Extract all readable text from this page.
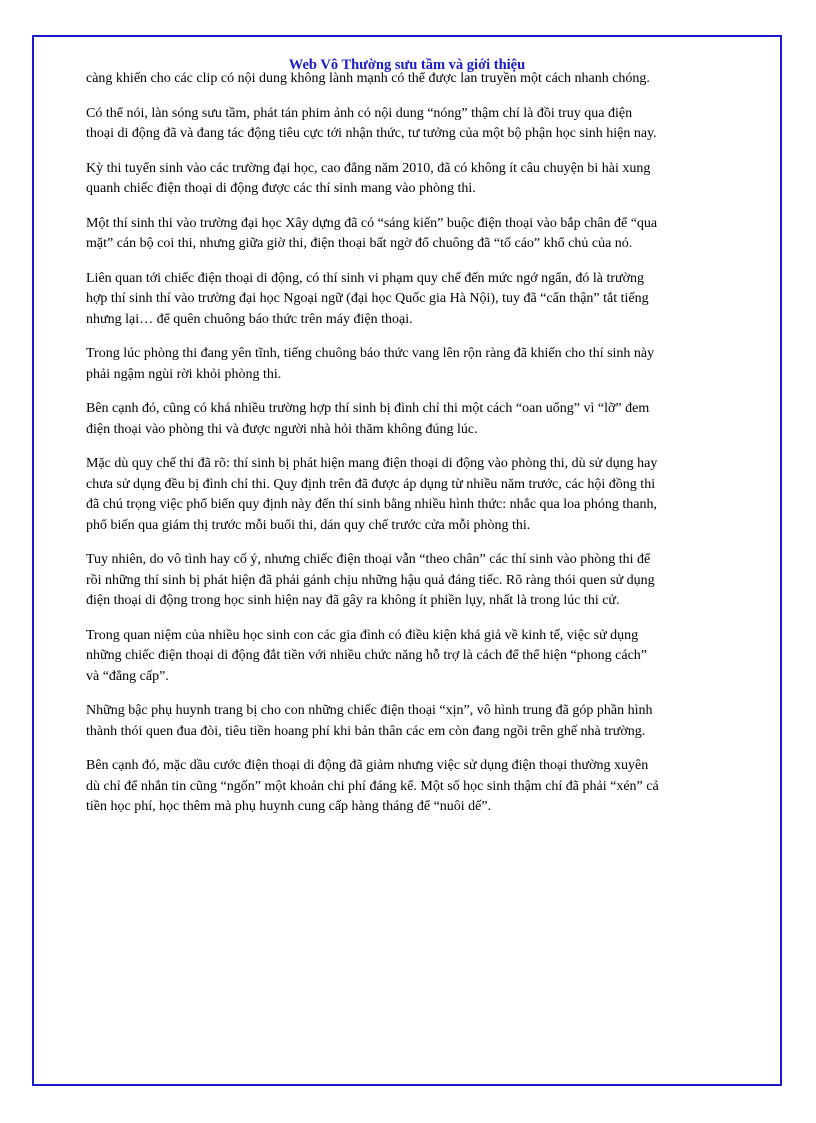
Web Vô Thường sưu tầm và giới thiệu

càng khiến cho các clip có nội dung không lành mạnh có thể được lan truyền một cách nhanh chóng.

Có thể nói, làn sóng sưu tầm, phát tán phim ảnh có nội dung “nóng” thậm chí là đồi truy qua điện thoại di động đã và đang tác động tiêu cực tới nhận thức, tư tưởng của một bộ phận học sinh hiện nay.

Kỳ thi tuyển sinh vào các trường đại học, cao đẳng năm 2010, đã có không ít câu chuyện bi hài xung quanh chiếc điện thoại di động được các thí sinh mang vào phòng thi.

Một thí sinh thi vào trường đại học Xây dựng đã có “sáng kiến” buộc điện thoại vào bắp chân để “qua mặt” cán bộ coi thi, nhưng giữa giờ thi, điện thoại bất ngờ đổ chuông đã “tố cáo” khổ chủ của nó.

Liên quan tới chiếc điện thoại di động, có thí sinh vi phạm quy chế đến mức ngớ ngẩn, đó là trường hợp thí sinh thí vào trường đại học Ngoại ngữ (đại học Quốc gia Hà Nội), tuy đã “cẩn thận” tắt tiếng nhưng lại… để quên chuông báo thức trên máy điện thoại.

Trong lúc phòng thi đang yên tĩnh, tiếng chuông báo thức vang lên rộn ràng đã khiến cho thí sinh này phải ngậm ngùi rời khỏi phòng thi.

Bên cạnh đó, cũng có khá nhiều trường hợp thí sinh bị đình chỉ thi một cách “oan uổng” vì “lỡ” đem điện thoại vào phòng thi và được người nhà hỏi thăm không đúng lúc.

Mặc dù quy chế thi đã rõ: thí sinh bị phát hiện mang điện thoại di động vào phòng thi, dù sử dụng hay chưa sử dụng đều bị đình chỉ thi. Quy định trên đã được áp dụng từ nhiều năm trước, các hội đồng thi đã chú trọng việc phổ biến quy định này đến thí sinh bằng nhiều hình thức: nhắc qua loa phóng thanh, phổ biến qua giám thị trước mỗi buổi thi, dán quy chế trước cửa mỗi phòng thi.

Tuy nhiên, do vô tình hay cố ý, nhưng chiếc điện thoại vẫn “theo chân” các thí sinh vào phòng thi để rồi những thí sinh bị phát hiện đã phải gánh chịu những hậu quả đáng tiếc. Rõ ràng thói quen sử dụng điện thoại di động trong học sinh hiện nay đã gây ra không ít phiền lụy, nhất là trong lúc thi cử.

Trong quan niệm của nhiều học sinh con các gia đình có điều kiện khá giả về kinh tế, việc sử dụng những chiếc điện thoại di động đắt tiền với nhiều chức năng hỗ trợ là cách để thể hiện “phong cách” và “đẳng cấp”.

Những bậc phụ huynh trang bị cho con những chiếc điện thoại “xịn”, vô hình trung đã góp phần hình thành thói quen đua đòi, tiêu tiền hoang phí khi bản thân các em còn đang ngồi trên ghế nhà trường.

Bên cạnh đó, mặc dầu cước điện thoại di động đã giảm nhưng việc sử dụng điện thoại thường xuyên dù chỉ để nhắn tin cũng “ngốn” một khoản chi phí đáng kể. Một số học sinh thậm chí đã phải “xén” cả tiền học phí, học thêm mà phụ huynh cung cấp hàng tháng để “nuôi dế”.
